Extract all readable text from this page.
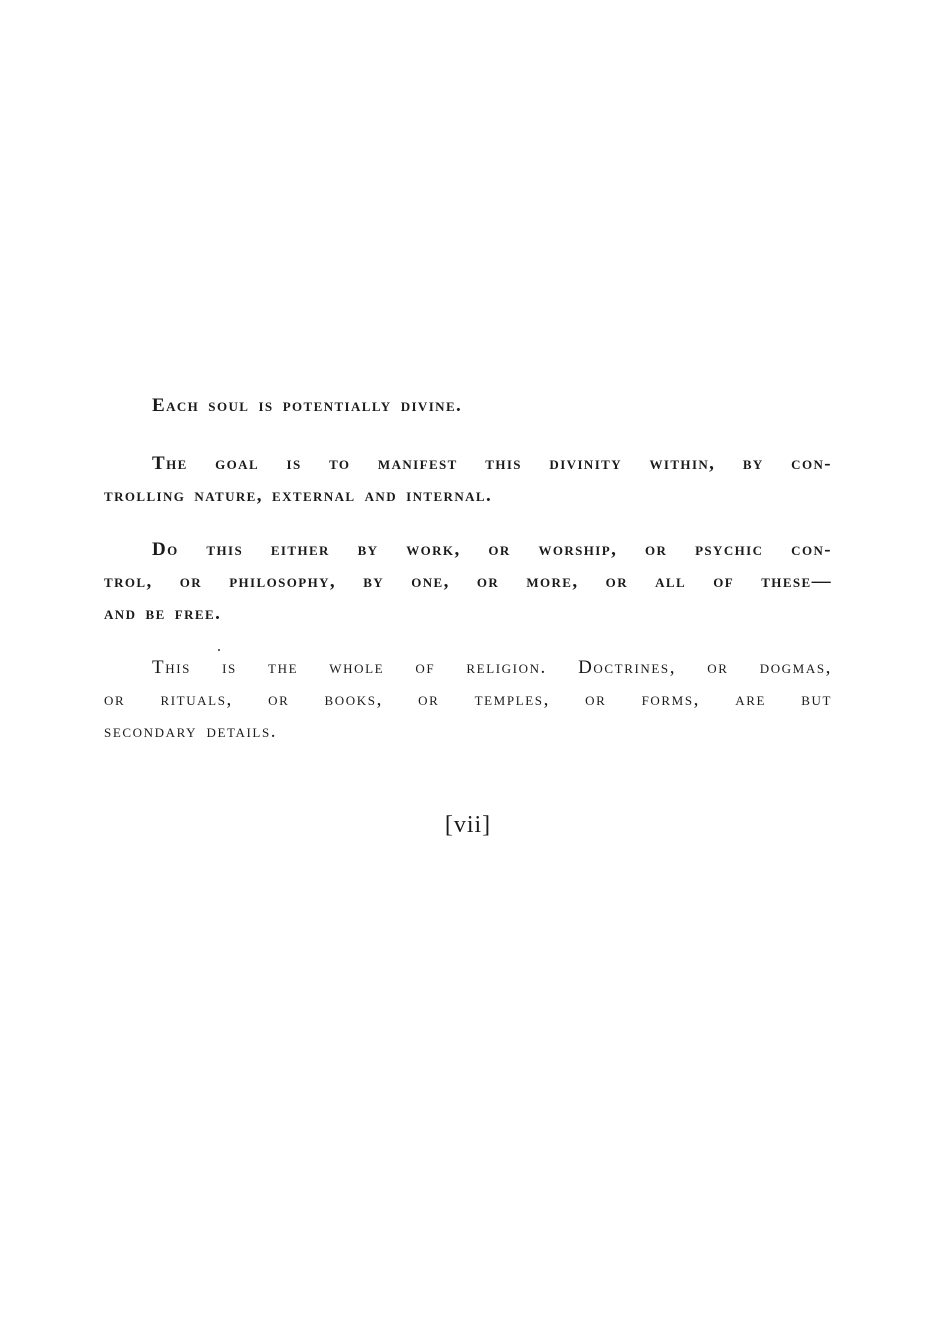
Each soul is potentially divine.

The goal is to manifest this divinity within, by con-
trolling nature, external and internal.

Do this either by work, or worship, or psychic con-
trol, or philosophy, by one, or more, or all of these—
and be free.

This is the whole of religion. Doctrines, or dogmas,
or rituals, or books, or temples, or forms, are but
secondary details.

[vii]
